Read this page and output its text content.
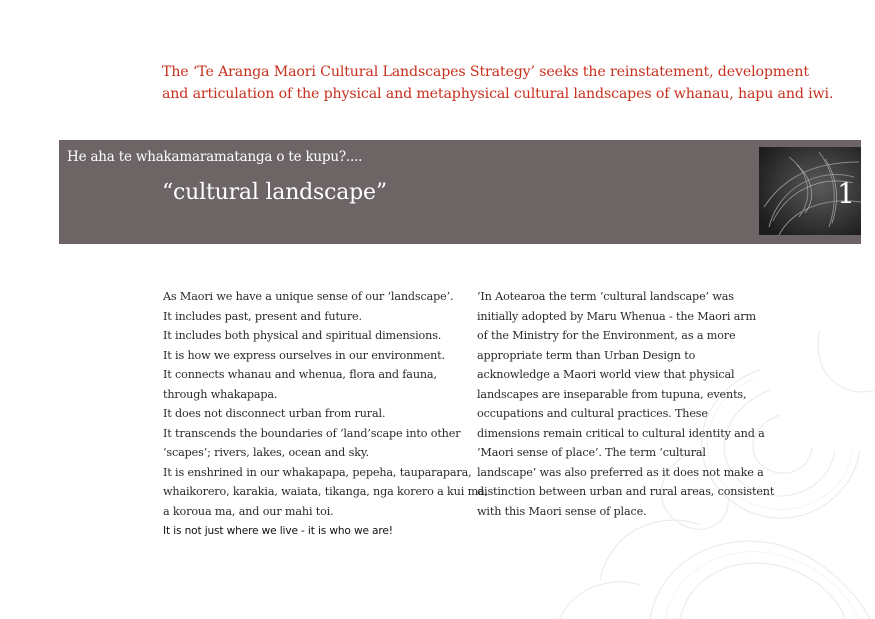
The ‘Te Aranga Maori Cultural Landscapes Strategy’ seeks the reinstatement, development

and articulation of the physical and metaphysical cultural landscapes of whanau, hapu and iwi.

He aha te whakamaramatanga o te kupu?....
“cultural landscape”	1

As Maori we have a unique sense of our ‘landscape’.

It includes past, present and future.

It includes both physical and spiritual dimensions.

It is how we express ourselves in our environment.

It connects whanau and whenua, flora and fauna,

through whakapapa.

It does not disconnect urban from rural.

It transcends the boundaries of ‘land’scape into other

‘scapes’; rivers, lakes, ocean and sky.

It is enshrined in our whakapapa, pepeha, tauparapara,

whaikorero, karakia, waiata, tikanga, nga korero a kui ma,

a koroua ma, and our mahi toi.

It is not just where we live - it is who we are!

‘In Aotearoa the term ‘cultural landscape’ was

initially adopted by Maru Whenua - the Maori arm

of the Ministry for the Environment, as a more

appropriate term than Urban Design to

acknowledge a Maori world view that physical

landscapes are inseparable from tupuna, events,

occupations and cultural practices. These

dimensions remain critical to cultural identity and a

‘Maori sense of place’. The term ‘cultural

landscape’ was also preferred as it does not make a

distinction between urban and rural areas, consistent

with this Maori sense of place.
